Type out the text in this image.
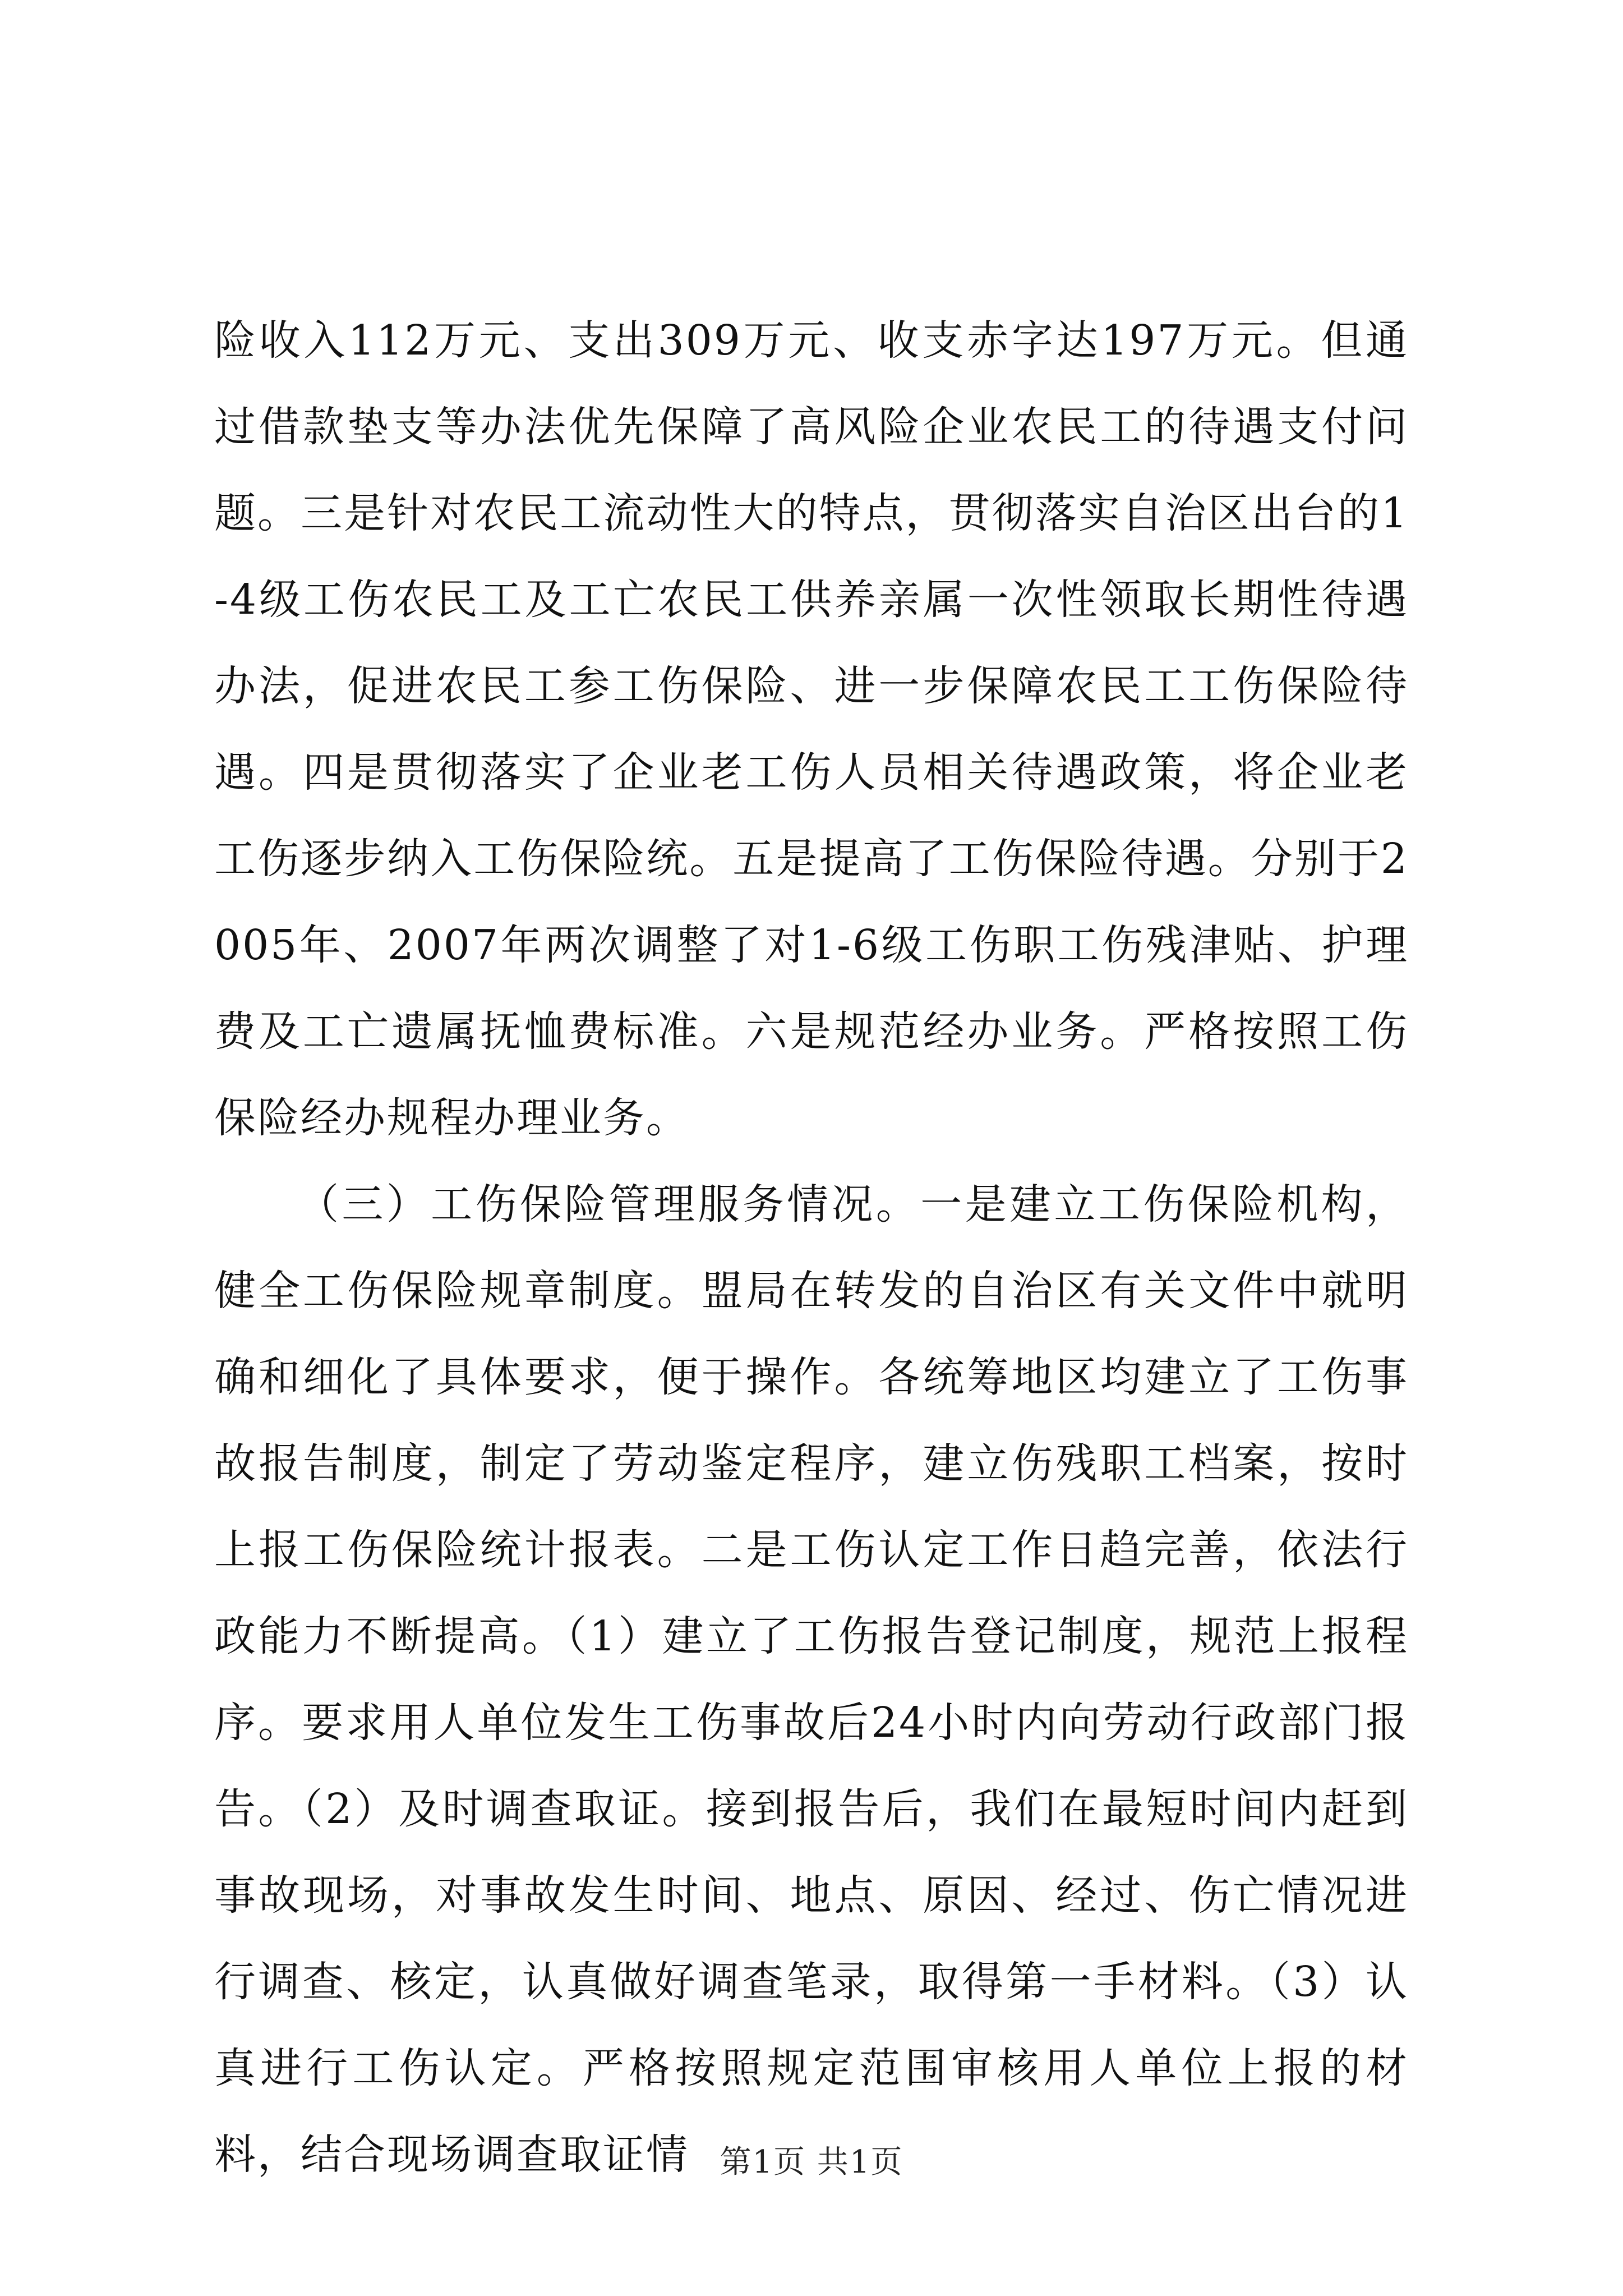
险收入112万元、支出309万元、收支赤字达197万元。但通过借款垫支等办法优先保障了高风险企业农民工的待遇支付问题。三是针对农民工流动性大的特点，贯彻落实自治区出台的1-4级工伤农民工及工亡农民工供养亲属一次性领取长期性待遇办法，促进农民工参工伤保险、进一步保障农民工工伤保险待遇。四是贯彻落实了企业老工伤人员相关待遇政策，将企业老工伤逐步纳入工伤保险统。五是提高了工伤保险待遇。分别于2005年、2007年两次调整了对1-6级工伤职工伤残津贴、护理费及工亡遗属抚恤费标准。六是规范经办业务。严格按照工伤保险经办规程办理业务。

（三）工伤保险管理服务情况。一是建立工伤保险机构，健全工伤保险规章制度。盟局在转发的自治区有关文件中就明确和细化了具体要求，便于操作。各统筹地区均建立了工伤事故报告制度，制定了劳动鉴定程序，建立伤残职工档案，按时上报工伤保险统计报表。二是工伤认定工作日趋完善，依法行政能力不断提高。（1）建立了工伤报告登记制度，规范上报程序。要求用人单位发生工伤事故后24小时内向劳动行政部门报告。（2）及时调查取证。接到报告后，我们在最短时间内赶到事故现场，对事故发生时间、地点、原因、经过、伤亡情况进行调查、核定，认真做好调查笔录，取得第一手材料。（3）认真进行工伤认定。严格按照规定范围审核用人单位上报的材料，结合现场调查取证情 第1页 共1页
